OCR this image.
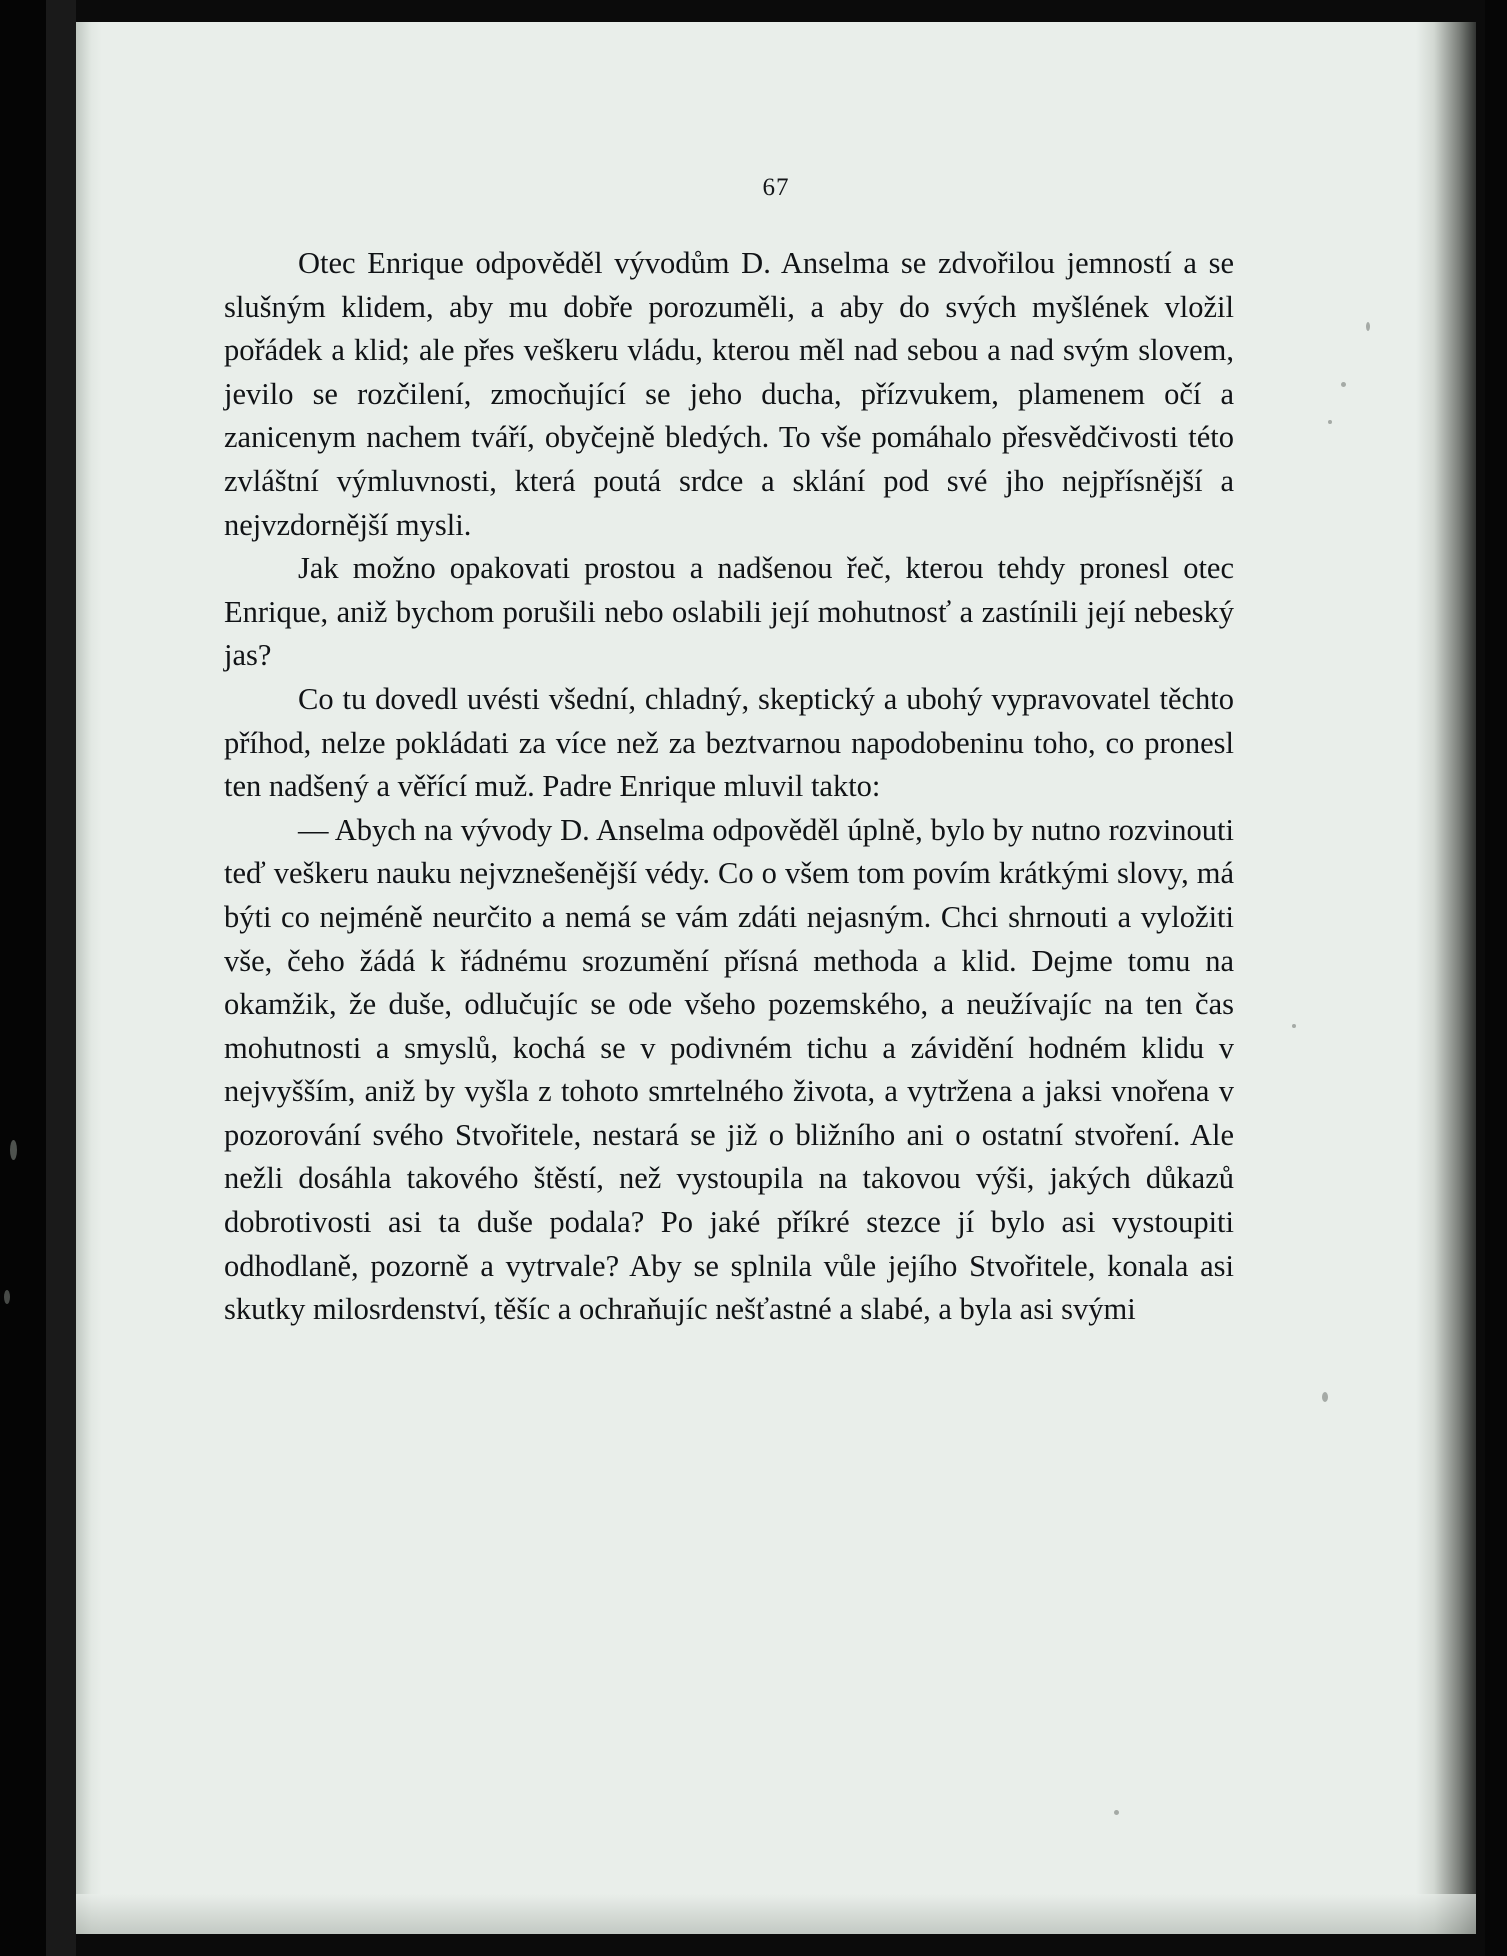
67

Otec Enrique odpověděl vývodům D. Anselma se zdvořilou jemností a se slušným klidem, aby mu dobře porozuměli, a aby do svých myšlének vložil pořádek a klid; ale přes veškeru vládu, kterou měl nad sebou a nad svým slovem, jevilo se rozčilení, zmocňující se jeho ducha, přízvukem, plamenem očí a zanicenym nachem tváří, obyčejně bledých. To vše pomáhalo přesvědčivosti této zvláštní výmluvnosti, která poutá srdce a sklání pod své jho nejpřísnější a nejvzdornější mysli.

Jak možno opakovati prostou a nadšenou řeč, kterou tehdy pronesl otec Enrique, aniž bychom porušili nebo oslabili její mohutnosť a zastínili její nebeský jas?

Co tu dovedl uvésti všední, chladný, skeptický a ubohý vypravovatel těchto příhod, nelze pokládati za více než za beztvarnou napodobeninu toho, co pronesl ten nadšený a věřící muž. Padre Enrique mluvil takto:

— Abych na vývody D. Anselma odpověděl úplně, bylo by nutno rozvinouti teď veškeru nauku nejvznešenější védy. Co o všem tom povím krátkými slovy, má býti co nejméně neurčito a nemá se vám zdáti nejasným. Chci shrnouti a vyložiti vše, čeho žádá k řádnému srozumění přísná methoda a klid. Dejme tomu na okamžik, že duše, odlučujíc se ode všeho pozemského, a neužívajíc na ten čas mohutnosti a smyslů, kochá se v podivném tichu a závidění hodném klidu v nejvyšším, aniž by vyšla z tohoto smrtelného života, a vytržena a jaksi vnořena v pozorování svého Stvořitele, nestará se již o bližního ani o ostatní stvoření. Ale nežli dosáhla takového štěstí, než vystoupila na takovou výši, jakých důkazů dobrotivosti asi ta duše podala? Po jaké příkré stezce jí bylo asi vystoupiti odhodlaně, pozorně a vytrvale? Aby se splnila vůle jejího Stvořitele, konala asi skutky milosrdenství, těšíc a ochraňujíc nešťastné a slabé, a byla asi svými
